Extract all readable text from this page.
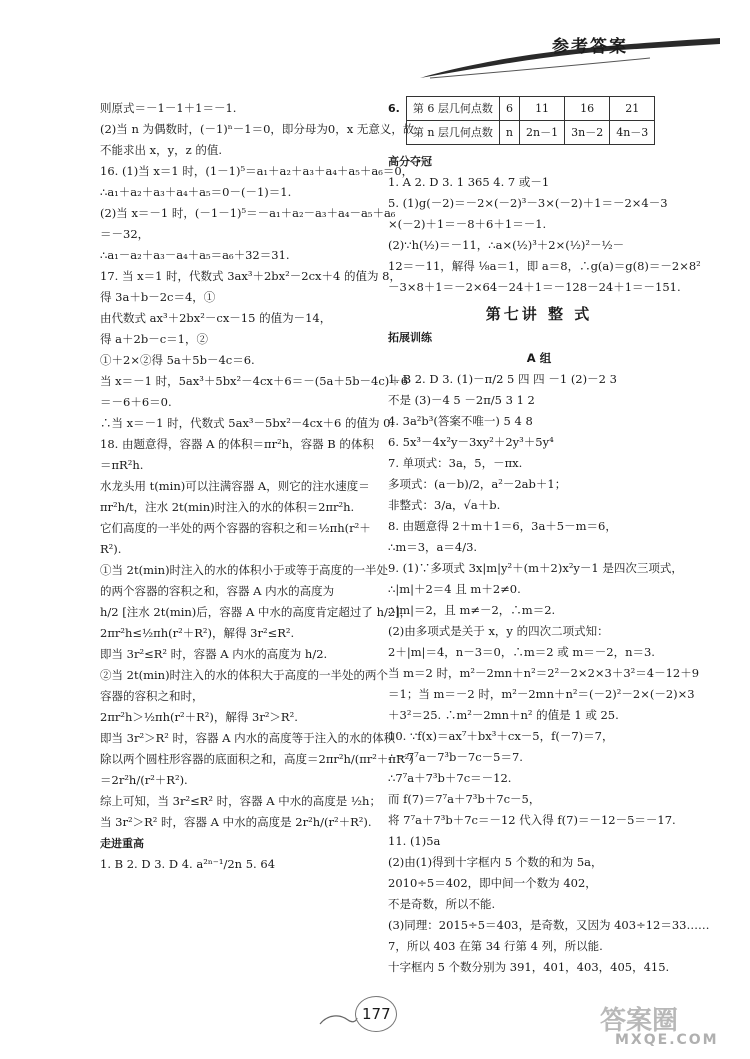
参考答案

则原式＝－1－1＋1＝－1.

(2)当 n 为偶数时，(－1)ⁿ－1＝0，即分母为0，x 无意义，故

不能求出 x，y，z 的值.

16. (1)当 x＝1 时，(1－1)⁵＝a₁＋a₂＋a₃＋a₄＋a₅＋a₆＝0，

∴a₁＋a₂＋a₃＋a₄＋a₅＝0－(－1)＝1.

(2)当 x＝－1 时，(－1－1)⁵＝－a₁＋a₂－a₃＋a₄－a₅＋a₆

＝－32，

∴a₁－a₂＋a₃－a₄＋a₅＝a₆＋32＝31.

17. 当 x＝1 时，代数式 3ax³＋2bx²－2cx＋4 的值为 8，

得 3a＋b－2c＝4，①

由代数式 ax³＋2bx²－cx－15 的值为－14，

得 a＋2b－c＝1，②

①＋2×②得 5a＋5b－4c＝6.

当 x＝－1 时，5ax³＋5bx²－4cx＋6＝－(5a＋5b－4c)＋6

＝－6＋6＝0.

∴当 x＝－1 时，代数式 5ax³－5bx²－4cx＋6 的值为 0.

18. 由题意得，容器 A 的体积＝πr²h，容器 B 的体积

＝πR²h.

水龙头用 t(min)可以注满容器 A，则它的注水速度＝

πr²h/t，注水 2t(min)时注入的水的体积＝2πr²h.

它们高度的一半处的两个容器的容积之和＝½πh(r²＋

R²).

①当 2t(min)时注入的水的体积小于或等于高度的一半处

的两个容器的容积之和，容器 A 内水的高度为

h/2 [注水 2t(min)后，容器 A 中水的高度肯定超过了 h/2]，

2πr²h≤½πh(r²＋R²)，解得 3r²≤R².

即当 3r²≤R² 时，容器 A 内水的高度为 h/2.

②当 2t(min)时注入的水的体积大于高度的一半处的两个

容器的容积之和时，

2πr²h＞½πh(r²＋R²)，解得 3r²＞R².

即当 3r²＞R² 时，容器 A 内水的高度等于注入的水的体积

除以两个圆柱形容器的底面积之和，高度＝2πr²h/(πr²＋πR²)

＝2r²h/(r²＋R²).

综上可知，当 3r²≤R² 时，容器 A 中水的高度是 ½h；

当 3r²＞R² 时，容器 A 中水的高度是 2r²h/(r²＋R²).

走进重高

1. B 2. D 3. D 4. a²ⁿ⁻¹/2n 5. 64

6.	第 6 层几何点数	6	11	16	21
	第 n 层几何点数	n	2n－1	3n－2	4n－3

高分夺冠

1. A 2. D 3. 1 365 4. 7 或－1

5. (1)g(－2)＝－2×(－2)³－3×(－2)＋1＝－2×4－3

×(－2)＋1＝－8＋6＋1＝－1.

(2)∵h(½)＝－11，∴a×(½)³＋2×(½)²－½－

12＝－11，解得 ⅛a＝1，即 a＝8，∴g(a)＝g(8)＝－2×8²

－3×8＋1＝－2×64－24＋1＝－128－24＋1＝－151.

第七讲 整 式

拓展训练

A 组

1. B 2. D 3. (1)－π/2 5 四 四 －1 (2)－2 3

不是 (3)－4 5 －2π/5 3 1 2

4. 3a²b³(答案不唯一) 5 4 8

6. 5x³－4x²y－3xy²＋2y³＋5y⁴

7. 单项式：3a，5，－πx.

多项式：(a－b)/2，a²－2ab＋1；

非整式：3/a，√a＋b.

8. 由题意得 2＋m＋1＝6，3a＋5－m＝6，

∴m＝3，a＝4/3.

9. (1)∵多项式 3x|m|y²＋(m＋2)x²y－1 是四次三项式，

∴|m|＋2＝4 且 m＋2≠0.

∴|m|＝2，且 m≠－2，∴m＝2.

(2)由多项式是关于 x，y 的四次二项式知：

2＋|m|＝4，n－3＝0，∴m＝2 或 m＝－2，n＝3.

当 m＝2 时，m²－2mn＋n²＝2²－2×2×3＋3²＝4－12＋9

＝1；当 m＝－2 时，m²－2mn＋n²＝(－2)²－2×(－2)×3

＋3²＝25. ∴m²－2mn＋n² 的值是 1 或 25.

10. ∵f(x)＝ax⁷＋bx³＋cx－5，f(－7)＝7，

∴－7⁷a－7³b－7c－5＝7.

∴7⁷a＋7³b＋7c＝－12.

而 f(7)＝7⁷a＋7³b＋7c－5，

将 7⁷a＋7³b＋7c＝－12 代入得 f(7)＝－12－5＝－17.

11. (1)5a

(2)由(1)得到十字框内 5 个数的和为 5a，

2010÷5＝402，即中间一个数为 402，

不是奇数，所以不能.

(3)同理：2015÷5＝403，是奇数，又因为 403÷12＝33……

7，所以 403 在第 34 行第 4 列，所以能.

十字框内 5 个数分别为 391，401，403，405，415.

177	答案圈
MXQE.COM
